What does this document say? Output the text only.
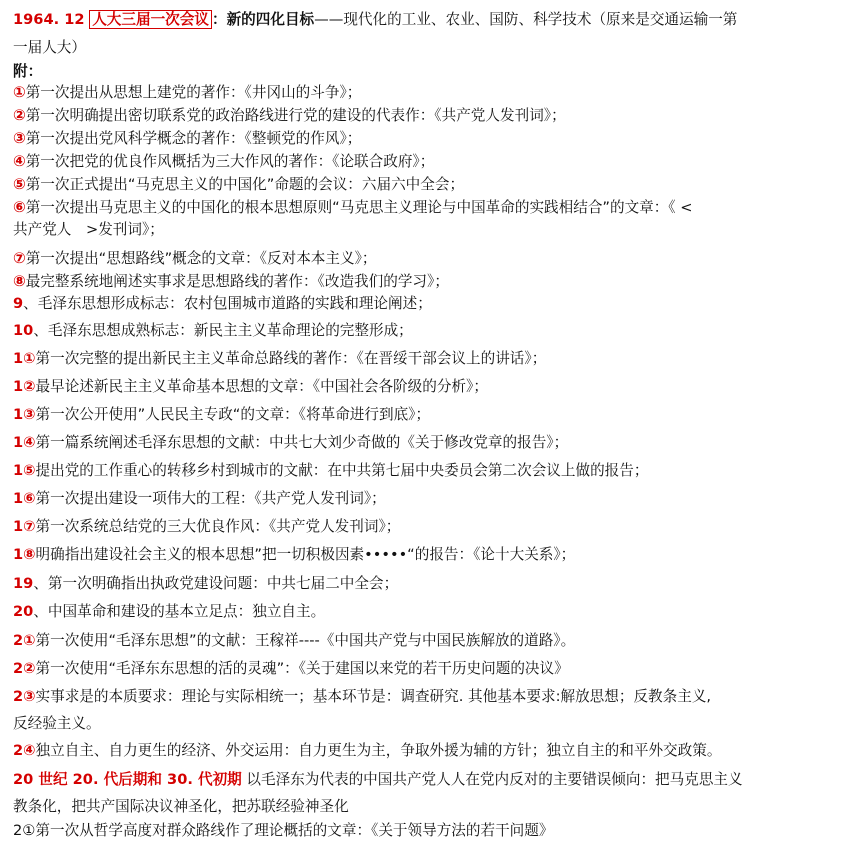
1964. 12 人大三届一次会议 ：新的四化目标——现代化的工业、农业、国防、科学技术（原来是交通运输一第
一届人大）
附：
①第一次提出从思想上建党的著作：《井冈山的斗争》；
②第一次明确提出密切联系党的政治路线进行党的建设的代表作：《共产党人发刊词》；
③第一次提出党风科学概念的著作：《整顿党的作风》；
④第一次把党的优良作风概括为三大作风的著作：《论联合政府》；
⑤第一次正式提出“马克思主义的中国化”命题的会议：六届六中全会；
⑥第一次提出马克思主义的中国化的根本思想原则“马克思主义理论与中国革命的实践相结合”的文章：《 <
共产党人　>发刊词》；
⑦第一次提出“思想路线”概念的文章：《反对本本主义》；
⑧最完整系统地阐述实事求是思想路线的著作：《改造我们的学习》；
9、毛泽东思想形成标志：农村包围城市道路的实践和理论阐述；
10、毛泽东思想成熟标志：新民主主义革命理论的完整形成；
1①第一次完整的提出新民主主义革命总路线的著作：《在晋绥干部会议上的讲话》；
1②最早论述新民主主义革命基本思想的文章：《中国社会各阶级的分析》；
1③第一次公开使用”人民民主专政“的文章：《将革命进行到底》；
1④第一篇系统阐述毛泽东思想的文献：中共七大刘少奇做的《关于修改党章的报告》；
1⑤提出党的工作重心的转移乡村到城市的文献：在中共第七届中央委员会第二次会议上做的报告；
1⑥第一次提出建设一项伟大的工程：《共产党人发刊词》；
1⑦第一次系统总结党的三大优良作风：《共产党人发刊词》；
1⑧明确指出建设社会主义的根本思想”把一切积极因素•••••“的报告：《论十大关系》；
19、第一次明确指出执政党建设问题：中共七届二中全会；
20、中国革命和建设的基本立足点：独立自主。
2①第一次使用“毛泽东思想”的文献：王稼祥----《中国共产党与中国民族解放的道路》。
2②第一次使用“毛泽东东思想的活的灵魂”：《关于建国以来党的若干历史问题的决议》
2③实事求是的本质要求：理论与实际相统一；基本环节是：调查研究. 其他基本要求:解放思想；反教条主义,
反经验主义。
2④独立自主、自力更生的经济、外交运用：自力更生为主，争取外援为辅的方针；独立自主的和平外交政策。
20 世纪 20. 代后期和 30. 代初期 以毛泽东为代表的中国共产党人人在党内反对的主要错误倾向：把马克思主义
教条化，把共产国际决议神圣化，把苏联经验神圣化
2①第一次从哲学高度对群众路线作了理论概括的文章：《关于领导方法的若干问题》
